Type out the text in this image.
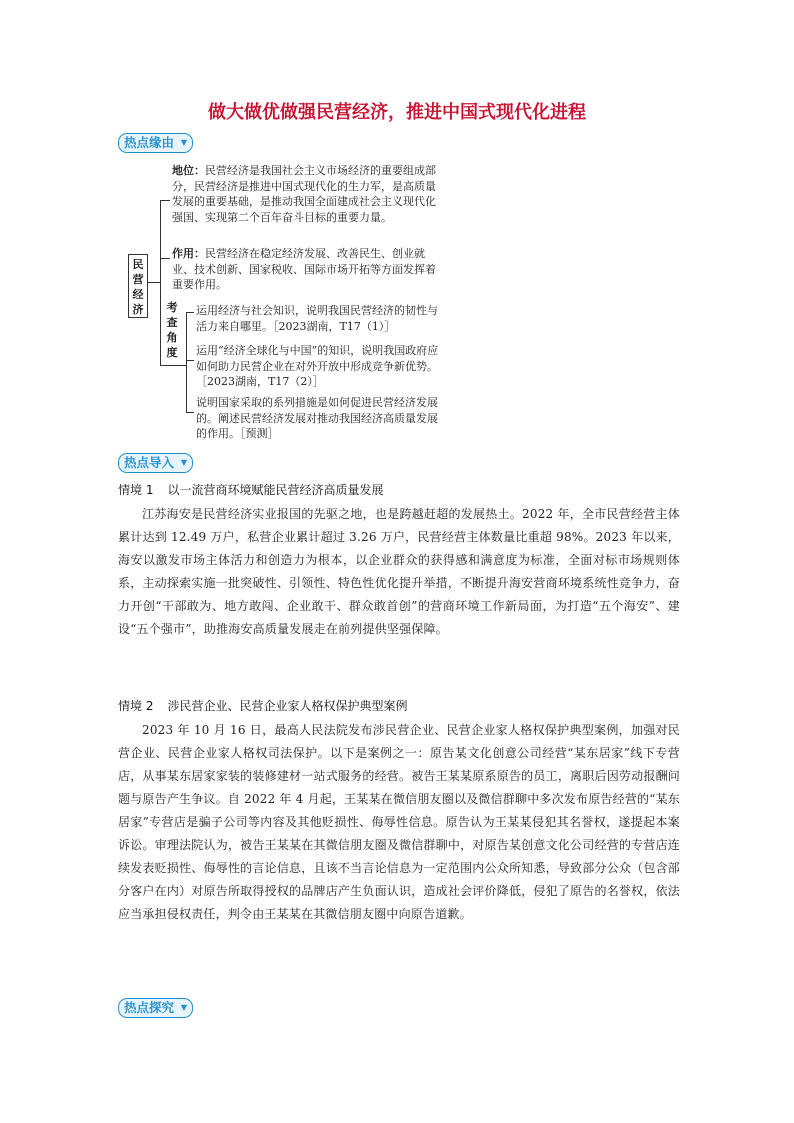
做大做优做强民营经济，推进中国式现代化进程
热点缘由 ▼
民营经济
地位：民营经济是我国社会主义市场经济的重要组成部分，民营经济是推进中国式现代化的生力军，是高质量发展的重要基础，是推动我国全面建成社会主义现代化强国、实现第二个百年奋斗目标的重要力量。
作用：民营经济在稳定经济发展、改善民生、创业就业、技术创新、国家税收、国际市场开拓等方面发挥着重要作用。
考查角度
运用经济与社会知识，说明我国民营经济的韧性与活力来自哪里。［2023湖南，T17（1）］
运用“经济全球化与中国”的知识，说明我国政府应如何助力民营企业在对外开放中形成竞争新优势。［2023湖南，T17（2）］
说明国家采取的系列措施是如何促进民营经济发展的。阐述民营经济发展对推动我国经济高质量发展的作用。［预测］
热点导入 ▼
情境 1 以一流营商环境赋能民营经济高质量发展
江苏海安是民营经济实业报国的先驱之地，也是跨越赶超的发展热土。2022 年，全市民营经营主体累计达到 12.49 万户，私营企业累计超过 3.26 万户，民营经营主体数量比重超 98%。2023 年以来，海安以激发市场主体活力和创造力为根本，以企业群众的获得感和满意度为标准，全面对标市场规则体系，主动探索实施一批突破性、引领性、特色性优化提升举措，不断提升海安营商环境系统性竞争力，奋力开创“干部敢为、地方敢闯、企业敢干、群众敢首创”的营商环境工作新局面，为打造“五个海安”、建设“五个强市”，助推海安高质量发展走在前列提供坚强保障。
情境 2 涉民营企业、民营企业家人格权保护典型案例
2023 年 10 月 16 日，最高人民法院发布涉民营企业、民营企业家人格权保护典型案例，加强对民营企业、民营企业家人格权司法保护。以下是案例之一：原告某文化创意公司经营“某东居家”线下专营店，从事某东居家家装的装修建材一站式服务的经营。被告王某某原系原告的员工，离职后因劳动报酬问题与原告产生争议。自 2022 年 4 月起，王某某在微信朋友圈以及微信群聊中多次发布原告经营的“某东居家”专营店是骗子公司等内容及其他贬损性、侮辱性信息。原告认为王某某侵犯其名誉权，遂提起本案诉讼。审理法院认为，被告王某某在其微信朋友圈及微信群聊中，对原告某创意文化公司经营的专营店连续发表贬损性、侮辱性的言论信息，且该不当言论信息为一定范围内公众所知悉，导致部分公众（包含部分客户在内）对原告所取得授权的品牌店产生负面认识，造成社会评价降低，侵犯了原告的名誉权，依法应当承担侵权责任，判令由王某某在其微信朋友圈中向原告道歉。
热点探究 ▼
